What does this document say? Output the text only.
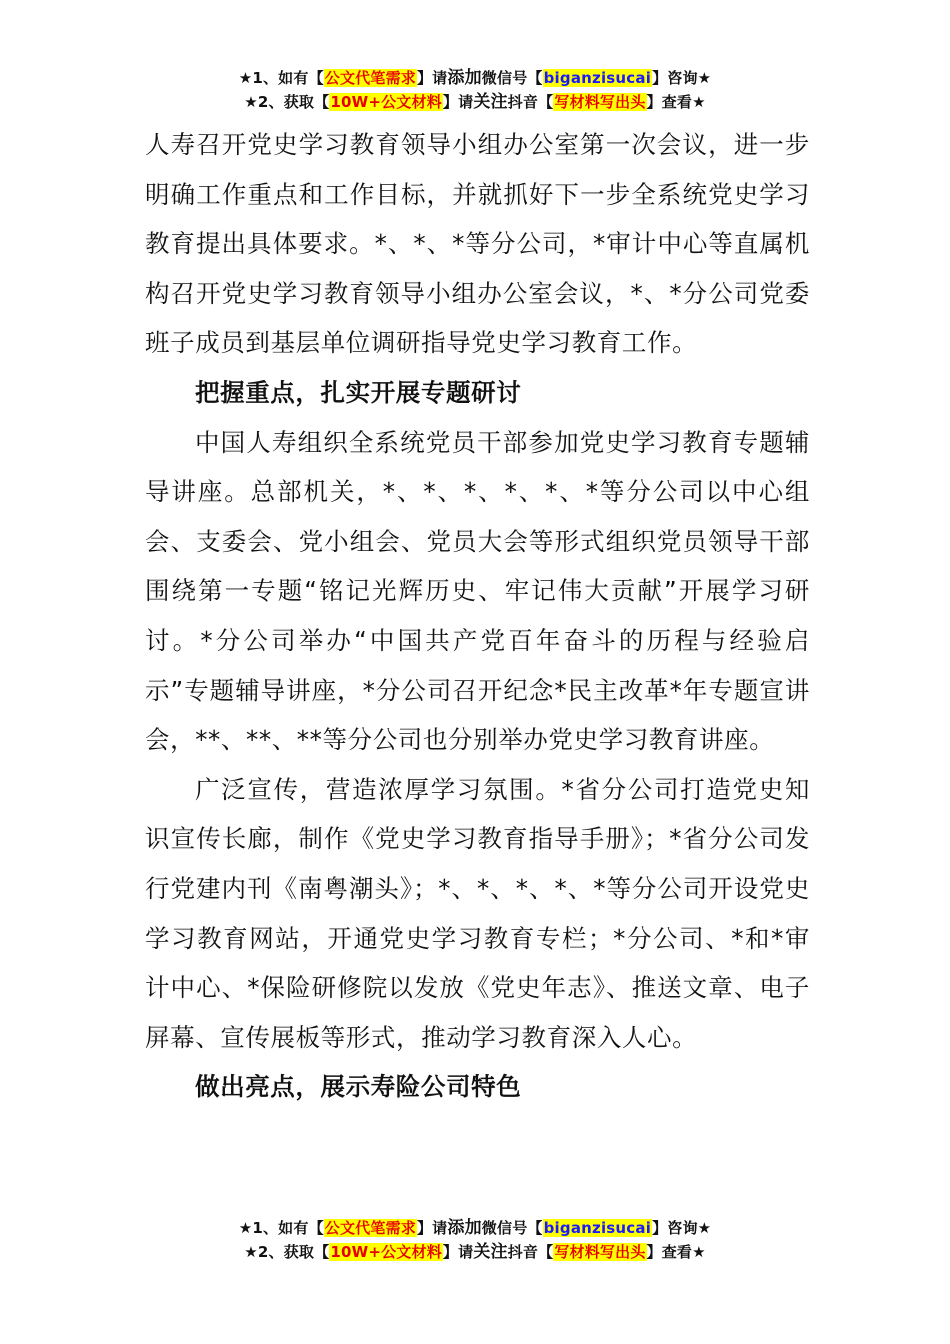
★1、如有【公文代笔需求】请添加微信号【biganzisucai】咨询★
★2、获取【10W+公文材料】请关注抖音【写材料写出头】查看★

人寿召开党史学习教育领导小组办公室第一次会议，进一步明确工作重点和工作目标，并就抓好下一步全系统党史学习教育提出具体要求。*、*、*等分公司，*审计中心等直属机构召开党史学习教育领导小组办公室会议，*、*分公司党委班子成员到基层单位调研指导党史学习教育工作。

把握重点，扎实开展专题研讨

中国人寿组织全系统党员干部参加党史学习教育专题辅导讲座。总部机关，*、*、*、*、*、*等分公司以中心组会、支委会、党小组会、党员大会等形式组织党员领导干部围绕第一专题“铭记光辉历史、牢记伟大贡献”开展学习研讨。*分公司举办“中国共产党百年奋斗的历程与经验启示”专题辅导讲座，*分公司召开纪念*民主改革*年专题宣讲会，**、**、**等分公司也分别举办党史学习教育讲座。

广泛宣传，营造浓厚学习氛围。*省分公司打造党史知识宣传长廊，制作《党史学习教育指导手册》；*省分公司发行党建内刊《南粤潮头》；*、*、*、*、*等分公司开设党史学习教育网站，开通党史学习教育专栏；*分公司、*和*审计中心、*保险研修院以发放《党史年志》、推送文章、电子屏幕、宣传展板等形式，推动学习教育深入人心。

做出亮点，展示寿险公司特色

★1、如有【公文代笔需求】请添加微信号【biganzisucai】咨询★
★2、获取【10W+公文材料】请关注抖音【写材料写出头】查看★
